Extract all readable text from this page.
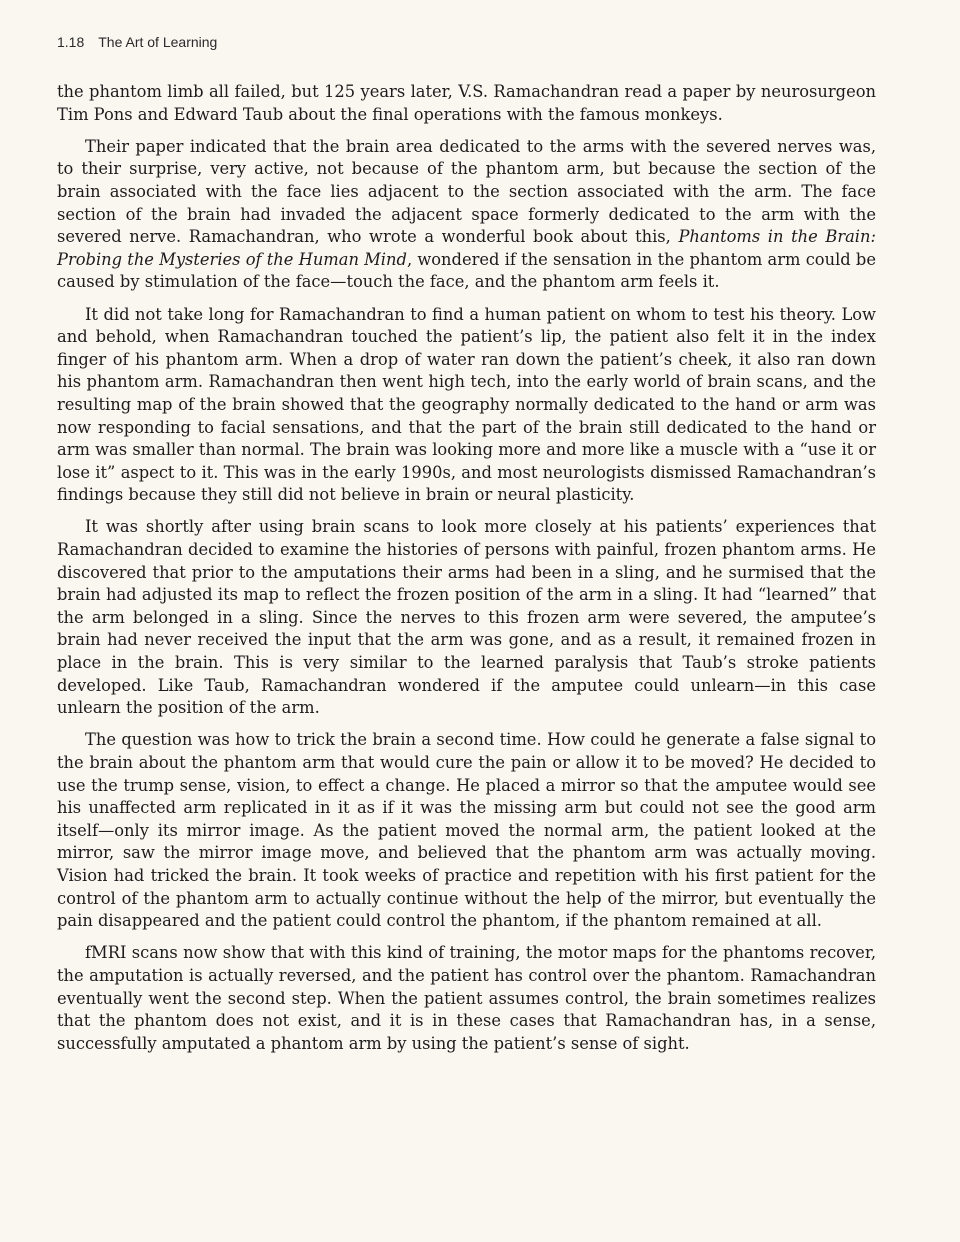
1.18 The Art of Learning

the phantom limb all failed, but 125 years later, V.S. Ramachandran read a paper by neurosurgeon Tim Pons and Edward Taub about the final operations with the famous monkeys.

Their paper indicated that the brain area dedicated to the arms with the severed nerves was, to their surprise, very active, not because of the phantom arm, but because the section of the brain associated with the face lies adjacent to the section associated with the arm. The face section of the brain had invaded the adjacent space formerly dedicated to the arm with the severed nerve. Ramachandran, who wrote a wonderful book about this, Phantoms in the Brain: Probing the Mysteries of the Human Mind, wondered if the sensation in the phantom arm could be caused by stimulation of the face—touch the face, and the phantom arm feels it.

It did not take long for Ramachandran to find a human patient on whom to test his theory. Low and behold, when Ramachandran touched the patient’s lip, the patient also felt it in the index finger of his phantom arm. When a drop of water ran down the patient’s cheek, it also ran down his phantom arm. Ramachandran then went high tech, into the early world of brain scans, and the resulting map of the brain showed that the geography normally dedicated to the hand or arm was now responding to facial sensations, and that the part of the brain still dedicated to the hand or arm was smaller than normal. The brain was looking more and more like a muscle with a “use it or lose it” aspect to it. This was in the early 1990s, and most neurologists dismissed Ramachandran’s findings because they still did not believe in brain or neural plasticity.

It was shortly after using brain scans to look more closely at his patients’ experiences that Ramachandran decided to examine the histories of persons with painful, frozen phantom arms. He discovered that prior to the amputations their arms had been in a sling, and he surmised that the brain had adjusted its map to reflect the frozen position of the arm in a sling. It had “learned” that the arm belonged in a sling. Since the nerves to this frozen arm were severed, the amputee’s brain had never received the input that the arm was gone, and as a result, it remained frozen in place in the brain. This is very similar to the learned paralysis that Taub’s stroke patients developed. Like Taub, Ramachandran wondered if the amputee could unlearn—in this case unlearn the position of the arm.

The question was how to trick the brain a second time. How could he generate a false signal to the brain about the phantom arm that would cure the pain or allow it to be moved? He decided to use the trump sense, vision, to effect a change. He placed a mirror so that the amputee would see his unaffected arm replicated in it as if it was the missing arm but could not see the good arm itself—only its mirror image. As the patient moved the normal arm, the patient looked at the mirror, saw the mirror image move, and believed that the phantom arm was actually moving. Vision had tricked the brain. It took weeks of practice and repetition with his first patient for the control of the phantom arm to actually continue without the help of the mirror, but eventually the pain disappeared and the patient could control the phantom, if the phantom remained at all.

fMRI scans now show that with this kind of training, the motor maps for the phantoms recover, the amputation is actually reversed, and the patient has control over the phantom. Ramachandran eventually went the second step. When the patient assumes control, the brain sometimes realizes that the phantom does not exist, and it is in these cases that Ramachandran has, in a sense, successfully amputated a phantom arm by using the patient’s sense of sight.
